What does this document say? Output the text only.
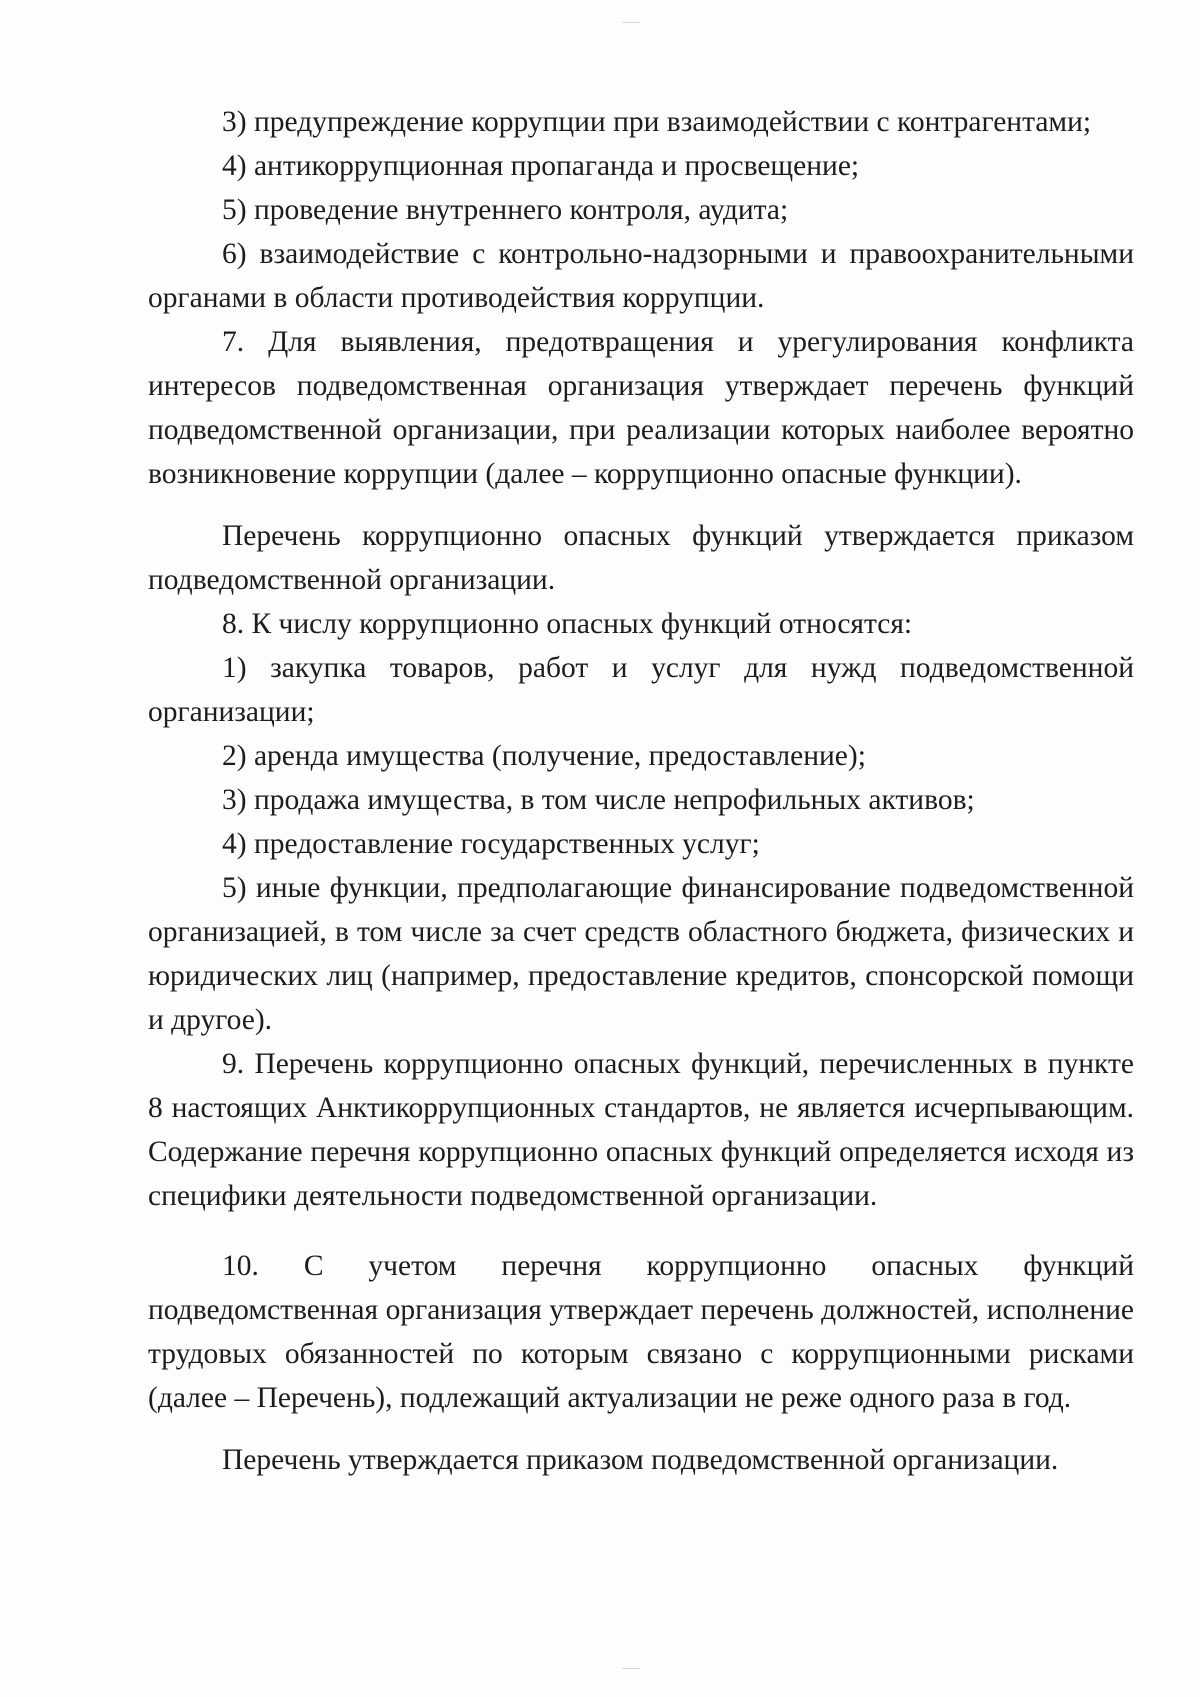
3) предупреждение коррупции при взаимодействии с контрагентами;

4) антикоррупционная пропаганда и просвещение;

5) проведение внутреннего контроля, аудита;

6) взаимодействие с контрольно-надзорными и правоохранительными органами в области противодействия коррупции.

7. Для выявления, предотвращения и урегулирования конфликта интересов подведомственная организация утверждает перечень функций подведомственной организации, при реализации которых наиболее вероятно возникновение коррупции (далее – коррупционно опасные функции).

Перечень коррупционно опасных функций утверждается приказом подведомственной организации.

8. К числу коррупционно опасных функций относятся:

1) закупка товаров, работ и услуг для нужд подведомственной организации;

2) аренда имущества (получение, предоставление);

3) продажа имущества, в том числе непрофильных активов;

4) предоставление государственных услуг;

5) иные функции, предполагающие финансирование подведомственной организацией, в том числе за счет средств областного бюджета, физических и юридических лиц (например, предоставление кредитов, спонсорской помощи и другое).

9. Перечень коррупционно опасных функций, перечисленных в пункте 8 настоящих Анктикоррупционных стандартов, не является исчерпывающим. Содержание перечня коррупционно опасных функций определяется исходя из специфики деятельности подведомственной организации.

10. С учетом перечня коррупционно опасных функций подведомственная организация утверждает перечень должностей, исполнение трудовых обязанностей по которым связано с коррупционными рисками (далее – Перечень), подлежащий актуализации не реже одного раза в год.

Перечень утверждается приказом подведомственной организации.
